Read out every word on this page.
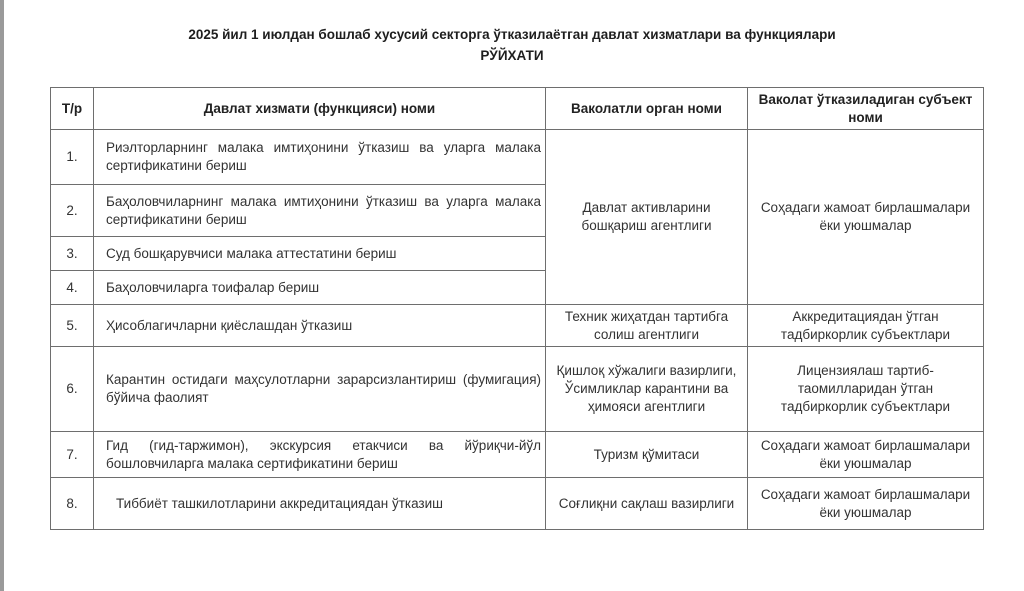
2025 йил 1 июлдан бошлаб хусусий секторга ўтказилаётган давлат хизматлари ва функциялари
РЎЙХАТИ
Т/р	Давлат хизмати (функцияси) номи	Ваколатли орган номи	Ваколат ўтказиладиган субъект номи
1.	Риэлторларнинг малака имтиҳонини ўтказиш ва уларга малака сертификатини бериш	Давлат активларини бошқариш агентлиги	Соҳадаги жамоат бирлашмалари ёки уюшмалар
2.	Баҳоловчиларнинг малака имтиҳонини ўтказиш ва уларга малака сертификатини бериш		
3.	Суд бошқарувчиси малака аттестатини бериш		
4.	Баҳоловчиларга тоифалар бериш		
5.	Ҳисоблагичларни қиёслашдан ўтказиш	Техник жиҳатдан тартибга солиш агентлиги	Аккредитациядан ўтган тадбиркорлик субъектлари
6.	Карантин остидаги маҳсулотларни зарарсизлантириш (фумигация) бўйича фаолият	Қишлоқ хўжалиги вазирлиги, Ўсимликлар карантини ва ҳимояси агентлиги	Лицензиялаш тартиб-таомилларидан ўтган тадбиркорлик субъектлари
7.	Гид (гид-таржимон), экскурсия етакчиси ва йўриқчи-йўл бошловчиларга малака сертификатини бериш	Туризм қўмитаси	Соҳадаги жамоат бирлашмалари ёки уюшмалар
8.	Тиббиёт ташкилотларини аккредитациядан ўтказиш	Соғлиқни сақлаш вазирлиги	Соҳадаги жамоат бирлашмалари ёки уюшмалар
